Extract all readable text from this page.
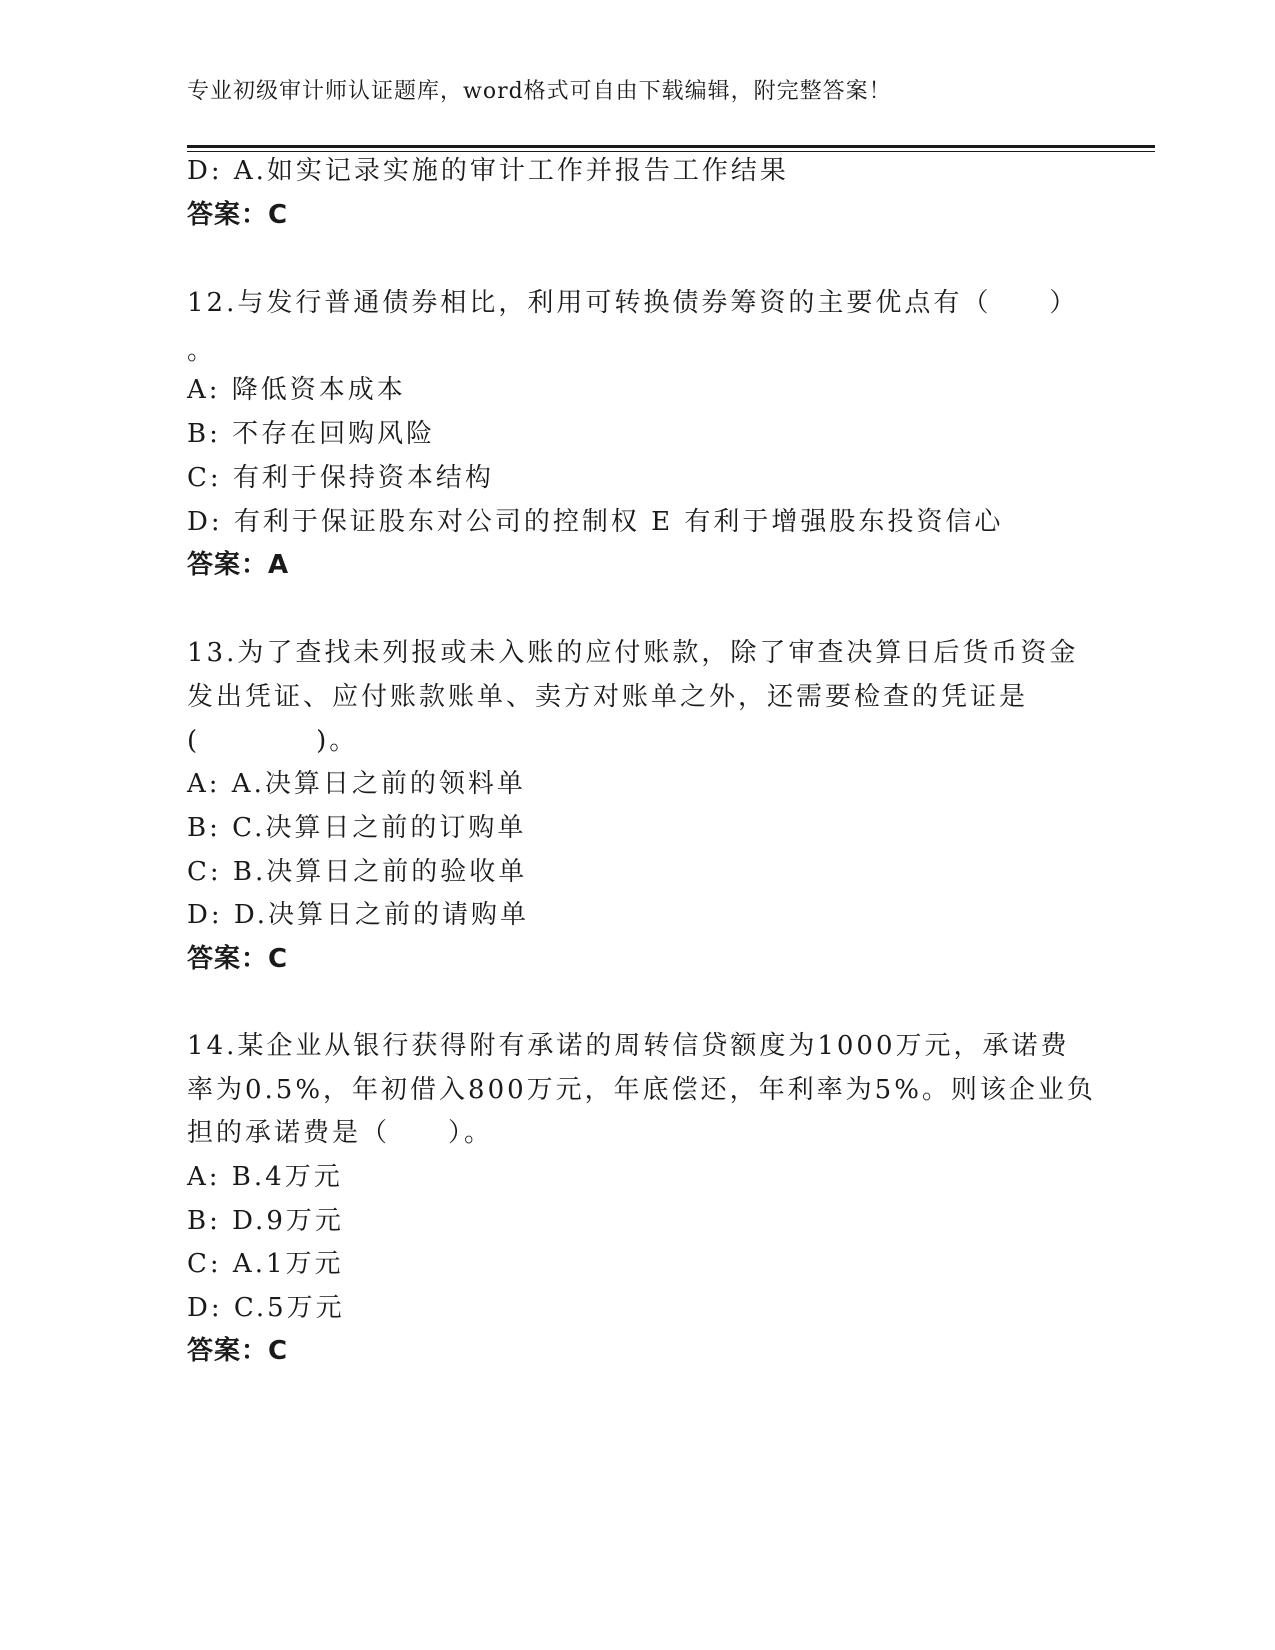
专业初级审计师认证题库，word格式可自由下载编辑，附完整答案！
D: A.如实记录实施的审计工作并报告工作结果
答案：C
12.与发行普通债券相比，利用可转换债券筹资的主要优点有（　　）
。
A: 降低资本成本
B: 不存在回购风险
C: 有利于保持资本结构
D: 有利于保证股东对公司的控制权 E 有利于增强股东投资信心
答案：A
13.为了查找未列报或未入账的应付账款，除了审查决算日后货币资金
发出凭证、应付账款账单、卖方对账单之外，还需要检查的凭证是
(　　　　)。
A: A.决算日之前的领料单
B: C.决算日之前的订购单
C: B.决算日之前的验收单
D: D.决算日之前的请购单
答案：C
14.某企业从银行获得附有承诺的周转信贷额度为1000万元，承诺费
率为0.5%，年初借入800万元，年底偿还，年利率为5%。则该企业负
担的承诺费是（　　）。
A: B.4万元
B: D.9万元
C: A.1万元
D: C.5万元
答案：C
